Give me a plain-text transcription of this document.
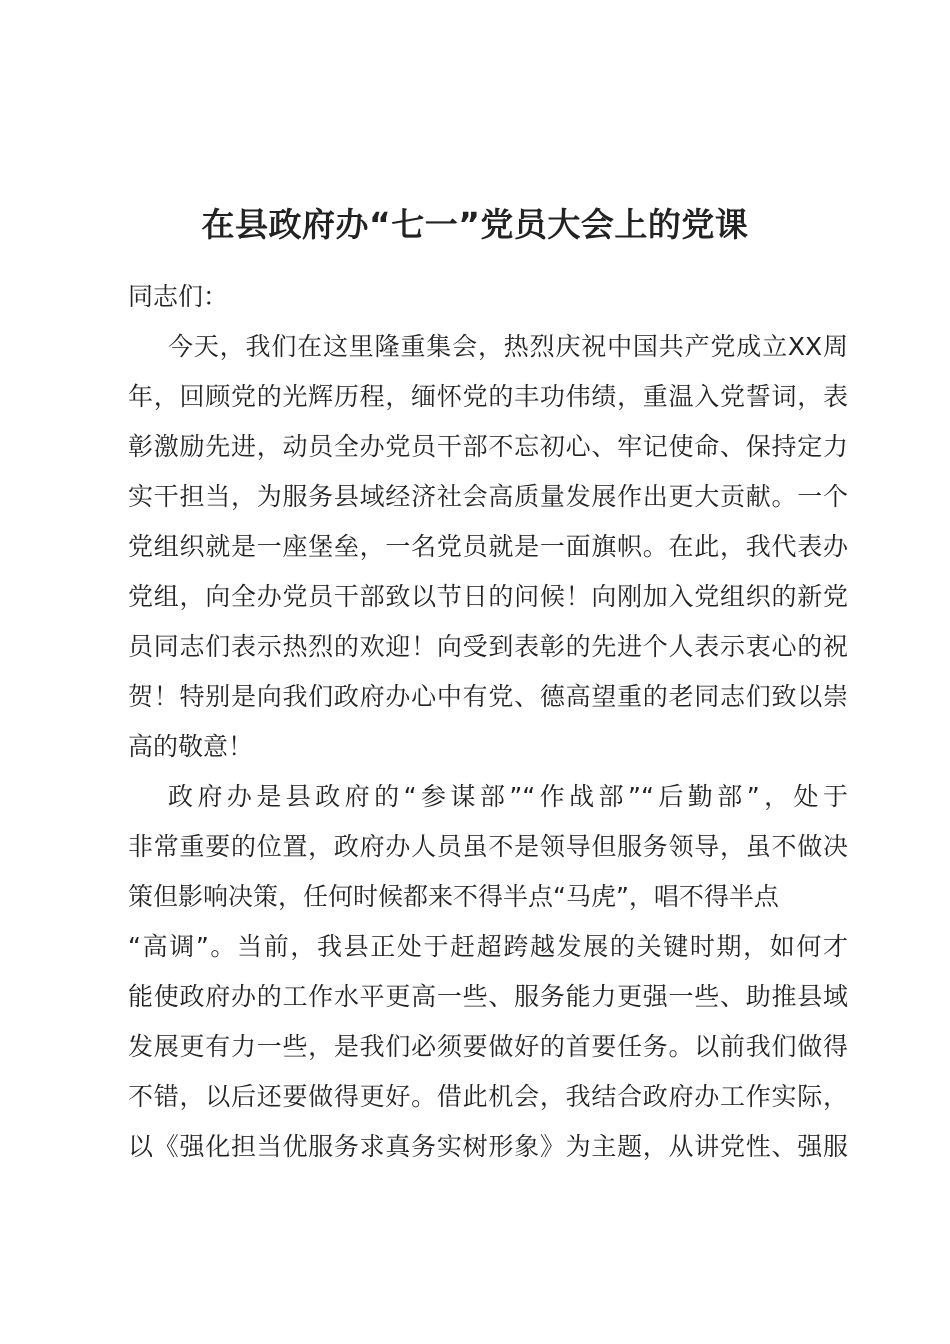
在县政府办“七一”党员大会上的党课
同志们：
今天，我们在这里隆重集会，热烈庆祝中国共产党成立XX周
年，回顾党的光辉历程，缅怀党的丰功伟绩，重温入党誓词，表
彰激励先进，动员全办党员干部不忘初心、牢记使命、保持定力
实干担当，为服务县域经济社会高质量发展作出更大贡献。一个
党组织就是一座堡垒，一名党员就是一面旗帜。在此，我代表办
党组，向全办党员干部致以节日的问候！向刚加入党组织的新党
员同志们表示热烈的欢迎！向受到表彰的先进个人表示衷心的祝
贺！特别是向我们政府办心中有党、德高望重的老同志们致以崇
高的敬意！
政府办是县政府的“参谋部”“作战部”“后勤部”，处于
非常重要的位置，政府办人员虽不是领导但服务领导，虽不做决
策但影响决策，任何时候都来不得半点“马虎”，唱不得半点
“高调”。当前，我县正处于赶超跨越发展的关键时期，如何才
能使政府办的工作水平更高一些、服务能力更强一些、助推县域
发展更有力一些，是我们必须要做好的首要任务。以前我们做得
不错，以后还要做得更好。借此机会，我结合政府办工作实际，
以《强化担当优服务求真务实树形象》为主题，从讲党性、强服
